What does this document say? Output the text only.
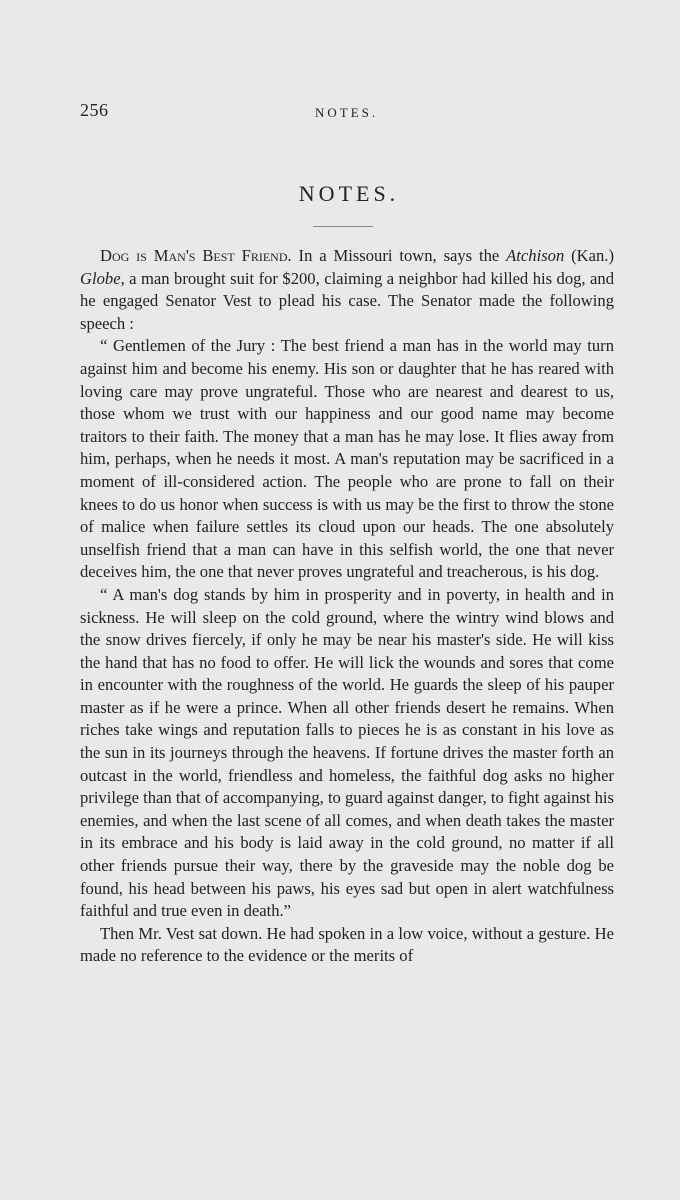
256	NOTES.
NOTES.

Dog is Man's Best Friend. In a Missouri town, says the Atchison (Kan.) Globe, a man brought suit for $200, claiming a neighbor had killed his dog, and he engaged Senator Vest to plead his case. The Senator made the following speech :

“ Gentlemen of the Jury : The best friend a man has in the world may turn against him and become his enemy. His son or daughter that he has reared with loving care may prove ungrateful. Those who are nearest and dearest to us, those whom we trust with our happiness and our good name may become traitors to their faith. The money that a man has he may lose. It flies away from him, perhaps, when he needs it most. A man's reputation may be sacrificed in a moment of ill-considered action. The people who are prone to fall on their knees to do us honor when success is with us may be the first to throw the stone of malice when failure settles its cloud upon our heads. The one absolutely unselfish friend that a man can have in this selfish world, the one that never deceives him, the one that never proves ungrateful and treacherous, is his dog.

“ A man's dog stands by him in prosperity and in poverty, in health and in sickness. He will sleep on the cold ground, where the wintry wind blows and the snow drives fiercely, if only he may be near his master's side. He will kiss the hand that has no food to offer. He will lick the wounds and sores that come in encounter with the roughness of the world. He guards the sleep of his pauper master as if he were a prince. When all other friends desert he remains. When riches take wings and reputation falls to pieces he is as constant in his love as the sun in its journeys through the heavens. If fortune drives the master forth an outcast in the world, friendless and homeless, the faithful dog asks no higher privilege than that of accompanying, to guard against danger, to fight against his enemies, and when the last scene of all comes, and when death takes the master in its embrace and his body is laid away in the cold ground, no matter if all other friends pursue their way, there by the graveside may the noble dog be found, his head between his paws, his eyes sad but open in alert watchfulness faithful and true even in death.”

Then Mr. Vest sat down. He had spoken in a low voice, without a gesture. He made no reference to the evidence or the merits of
